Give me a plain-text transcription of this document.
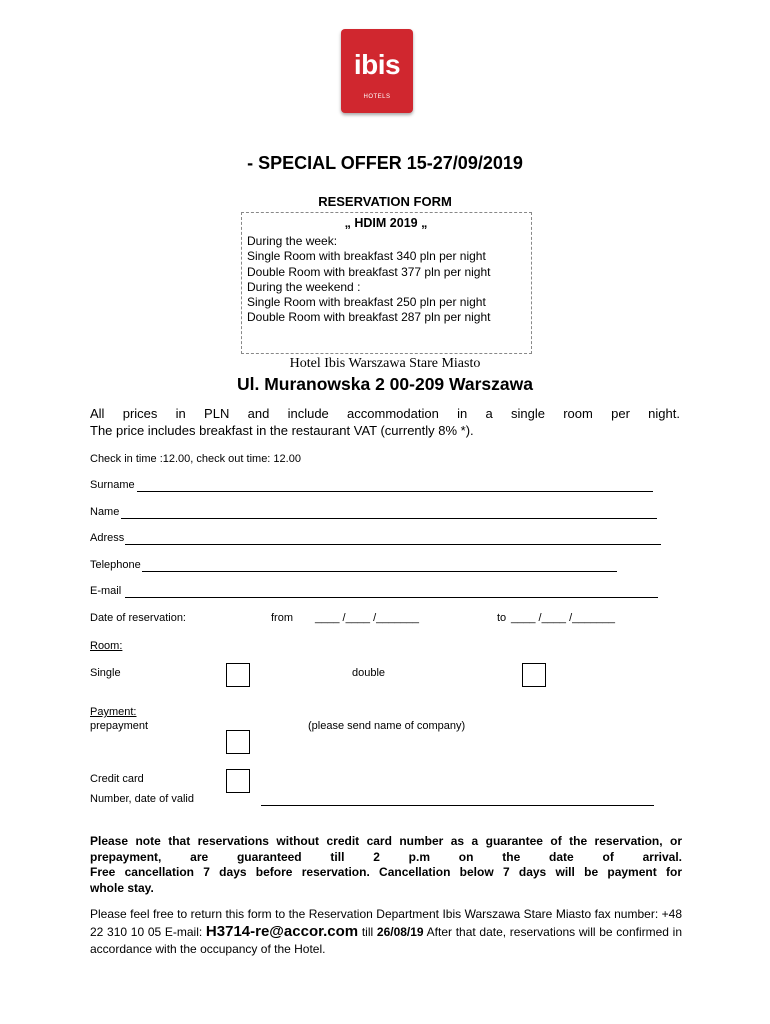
ibis
HOTELS
- SPECIAL OFFER 15-27/09/2019
RESERVATION FORM
„ HDIM 2019 „
During the week:
Single Room with breakfast 340 pln per night
Double Room with breakfast 377 pln per night
During the weekend :
Single Room with breakfast 250 pln per night
Double Room with breakfast 287 pln per night
Hotel Ibis Warszawa Stare Miasto
Ul. Muranowska 2 00-209 Warszawa
All prices in PLN and include accommodation in a single room per night.
The price includes breakfast in the restaurant VAT (currently 8% *).
Check in time :12.00, check out time: 12.00
Surname
Name
Adress
Telephone
E-mail
Date of reservation:	from ____ /____ /_______	to ____ /____ /_______
Room:
Single	double
Payment:
prepayment	(please send name of company)
Credit card
Number, date of valid
Please note that reservations without credit card number as a guarantee of the reservation, or
prepayment, are guaranteed till 2 p.m on the date of arrival.
Free cancellation 7 days before reservation. Cancellation below 7 days will be payment for
whole stay.
Please feel free to return this form to the Reservation Department Ibis Warszawa Stare Miasto fax number: +48 22 310 10 05 E-mail: H3714-re@accor.com till 26/08/19 After that date, reservations will be confirmed in accordance with the occupancy of the Hotel.
